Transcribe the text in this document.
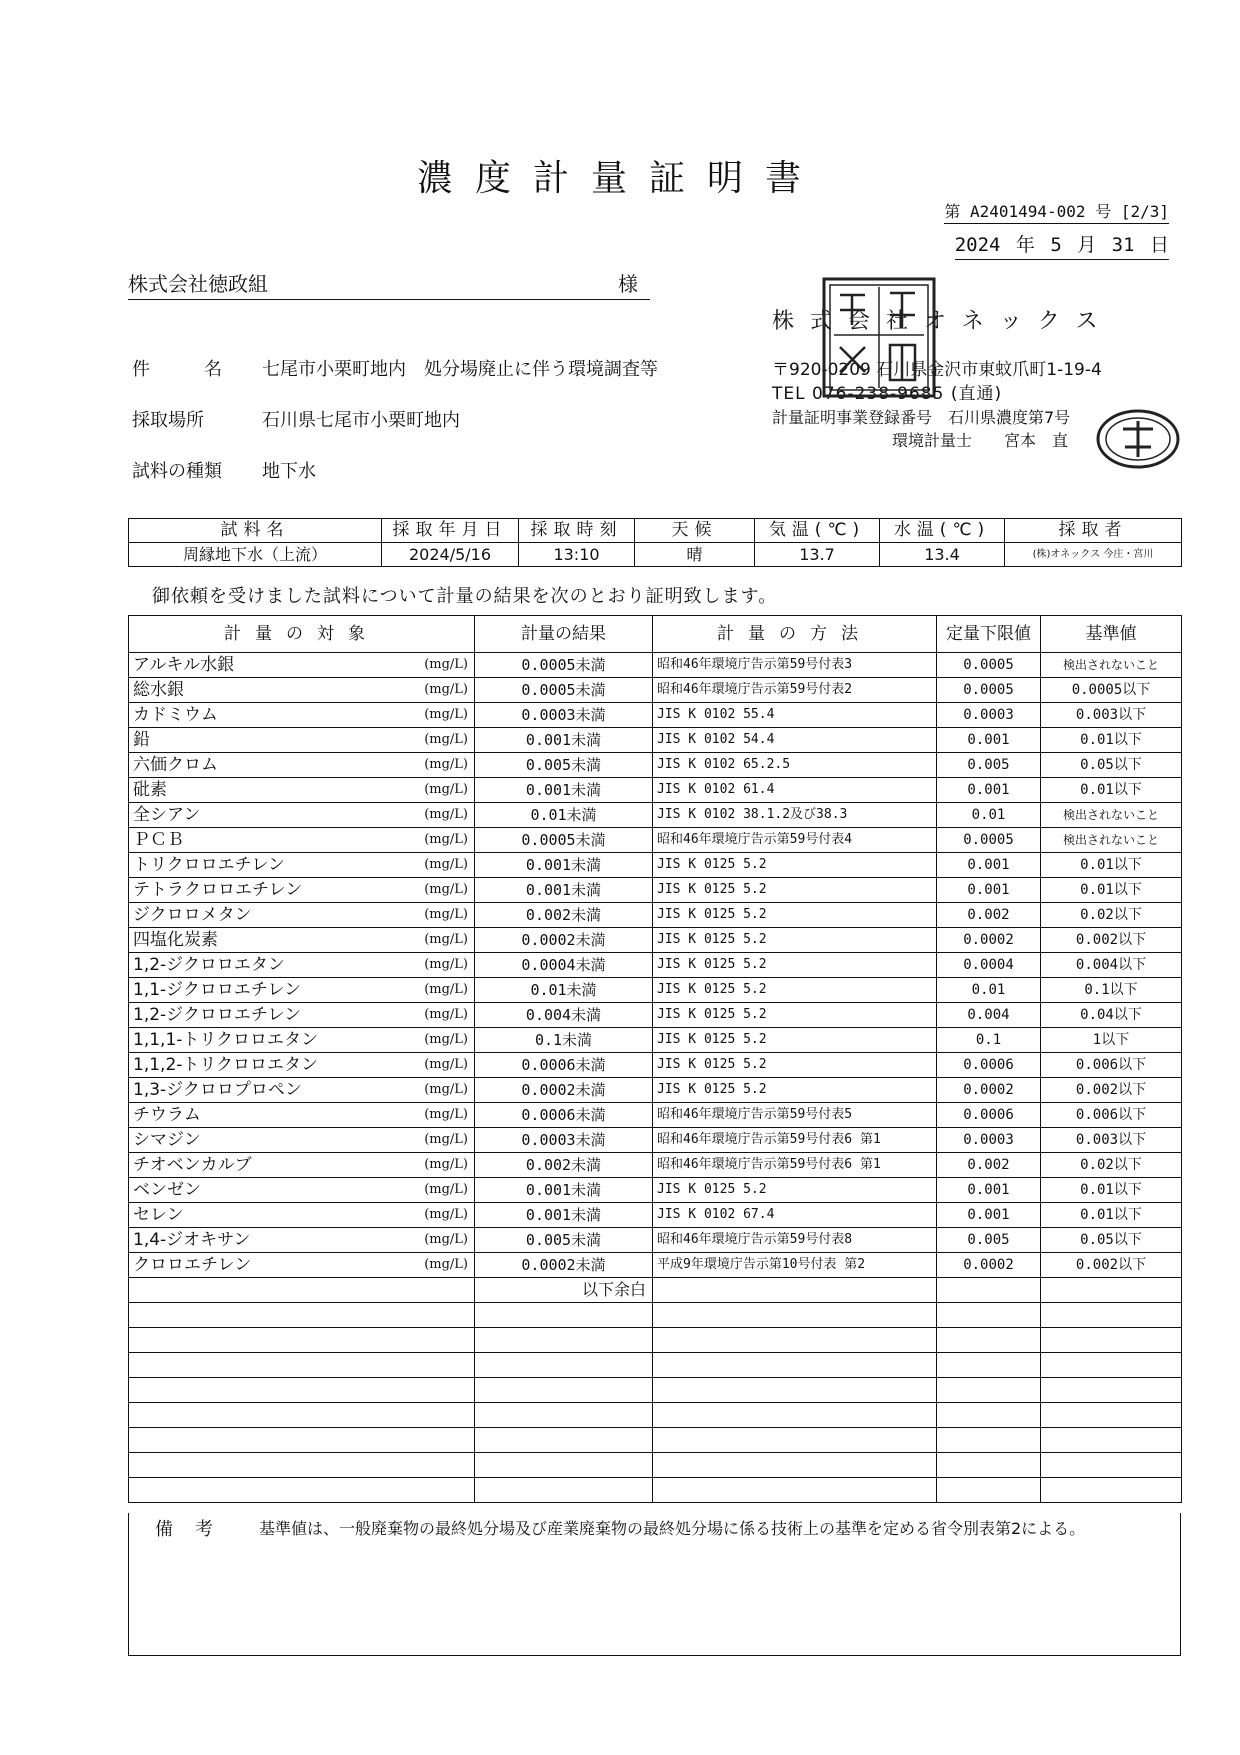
濃度計量証明書
第 A2401494-002 号 [2/3]
2024 年 5 月 31 日
株式会社徳政組	様
株式会社オネックス
〒920-0209 石川県金沢市東蚊爪町1-19-4
TEL 076-238-9685 (直通)
計量証明事業登録番号　石川県濃度第7号
環境計量士　　宮本　直
件　　　名 七尾市小栗町地内　処分場廃止に伴う環境調査等
採取場所	石川県七尾市小栗町地内
試料の種類 地下水
試料名	採取年月日	採取時刻	天候	気温(℃)	水温(℃)	採取者
周縁地下水（上流）	2024/5/16	13:10	晴	13.7	13.4	(株)オネックス 今庄・宮川
御依頼を受けました試料について計量の結果を次のとおり証明致します。
計量の対象	計量の結果	計量の方法	定量下限値	基準値
アルキル水銀 (mg/L)	0.0005未満	昭和46年環境庁告示第59号付表3	0.0005	検出されないこと
総水銀 (mg/L)	0.0005未満	昭和46年環境庁告示第59号付表2	0.0005	0.0005以下
カドミウム (mg/L)	0.0003未満	JIS K 0102 55.4	0.0003	0.003以下
鉛 (mg/L)	0.001未満	JIS K 0102 54.4	0.001	0.01以下
六価クロム (mg/L)	0.005未満	JIS K 0102 65.2.5	0.005	0.05以下
砒素 (mg/L)	0.001未満	JIS K 0102 61.4	0.001	0.01以下
全シアン (mg/L)	0.01未満	JIS K 0102 38.1.2及び38.3	0.01	検出されないこと
ＰＣＢ (mg/L)	0.0005未満	昭和46年環境庁告示第59号付表4	0.0005	検出されないこと
トリクロロエチレン (mg/L)	0.001未満	JIS K 0125 5.2	0.001	0.01以下
テトラクロロエチレン (mg/L)	0.001未満	JIS K 0125 5.2	0.001	0.01以下
ジクロロメタン (mg/L)	0.002未満	JIS K 0125 5.2	0.002	0.02以下
四塩化炭素 (mg/L)	0.0002未満	JIS K 0125 5.2	0.0002	0.002以下
1,2-ジクロロエタン (mg/L)	0.0004未満	JIS K 0125 5.2	0.0004	0.004以下
1,1-ジクロロエチレン (mg/L)	0.01未満	JIS K 0125 5.2	0.01	0.1以下
1,2-ジクロロエチレン (mg/L)	0.004未満	JIS K 0125 5.2	0.004	0.04以下
1,1,1-トリクロロエタン (mg/L)	0.1未満	JIS K 0125 5.2	0.1	1以下
1,1,2-トリクロロエタン (mg/L)	0.0006未満	JIS K 0125 5.2	0.0006	0.006以下
1,3-ジクロロプロペン (mg/L)	0.0002未満	JIS K 0125 5.2	0.0002	0.002以下
チウラム (mg/L)	0.0006未満	昭和46年環境庁告示第59号付表5	0.0006	0.006以下
シマジン (mg/L)	0.0003未満	昭和46年環境庁告示第59号付表6 第1	0.0003	0.003以下
チオベンカルブ (mg/L)	0.002未満	昭和46年環境庁告示第59号付表6 第1	0.002	0.02以下
ベンゼン (mg/L)	0.001未満	JIS K 0125 5.2	0.001	0.01以下
セレン (mg/L)	0.001未満	JIS K 0102 67.4	0.001	0.01以下
1,4-ジオキサン (mg/L)	0.005未満	昭和46年環境庁告示第59号付表8	0.005	0.05以下
クロロエチレン (mg/L)	0.0002未満	平成9年環境庁告示第10号付表 第2	0.0002	0.002以下
	以下余白			

備考 基準値は、一般廃棄物の最終処分場及び産業廃棄物の最終処分場に係る技術上の基準を定める省令別表第2による。
